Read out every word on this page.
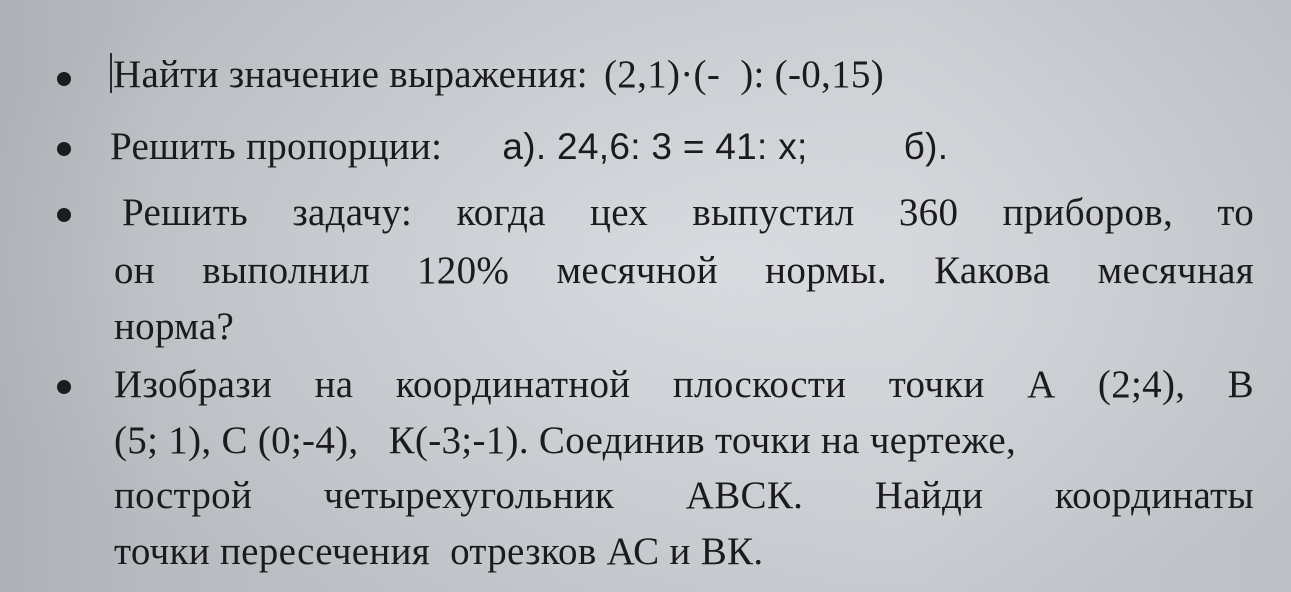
Найти значение выражения: (2,1)·(-  ): (-0,15)

Решить пропорции: а). 24,6: 3 = 41: х;	б).

Решить задачу: когда цех выпустил 360 приборов, то

он выполнил 120% месячной нормы. Какова месячная

норма?

Изобрази на координатной плоскости точки А (2;4), В

(5; 1), С (0;-4),   К(-3;-1). Соединив точки на чертеже,

построй четырехугольник АВСК. Найди координаты

точки пересечения  отрезков АС и ВК.
